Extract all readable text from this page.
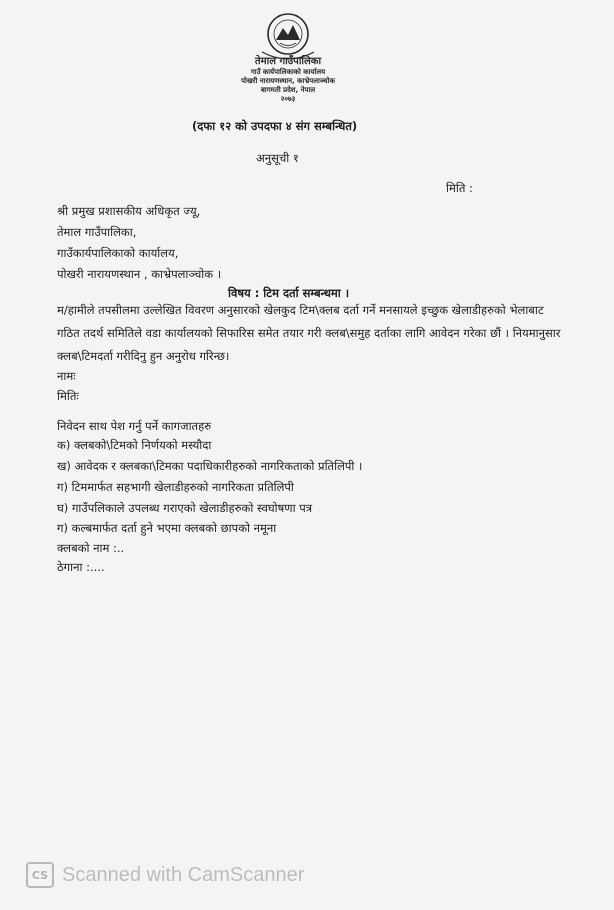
तेमाल गाउँपालिका
गाउँ कार्यपालिकाको कार्यालय
पोखरी नारायणस्थान, काभ्रेपलाञ्चोक
बागमती प्रदेश, नेपाल
२०७३
(दफा १२ को उपदफा ४ संग सम्बन्धित)
अनुसूची १
मिति :
श्री प्रमुख प्रशासकीय अधिकृत ज्यू,
तेमाल गाउँपालिका,
गाउँकार्यपालिकाको कार्यालय,
पोखरी नारायणस्थान , काभ्रेपलाञ्चोक ।
विषय : टिम दर्ता सम्बन्धमा ।
म/हामीले तपसीलमा उल्लेखित विवरण अनुसारको खेलकुद टिम\क्लब दर्ता गर्ने मनसायले इच्छुक खेलाडीहरुको भेलाबाट गठित तदर्थ समितिले वडा कार्यालयको सिफारिस समेत तयार गरी क्लब\समुह दर्ताका लागि आवेदन गरेका छौं । नियमानुसार क्लब\टिमदर्ता गरीदिनु हुन अनुरोध गरिन्छ।
नामः
मितिः
निवेदन साथ पेश गर्नु पर्ने कागजातहरु
क) क्लबको\टिमको निर्णयको मस्यौदा
ख) आवेदक र क्लबका\टिमका पदाधिकारीहरुको नागरिकताको प्रतिलिपी ।
ग) टिममार्फत सहभागी खेलाडीहरुको नागरिकता प्रतिलिपी
घ) गाउँपलिकाले उपलब्ध गराएको खेलाडीहरुको स्वघोषणा पत्र
ग) कल्बमार्फत दर्ता हुने भएमा क्लबको छापको नमूना
क्लबको नाम :..
ठेगाना :....
CS Scanned with CamScanner
